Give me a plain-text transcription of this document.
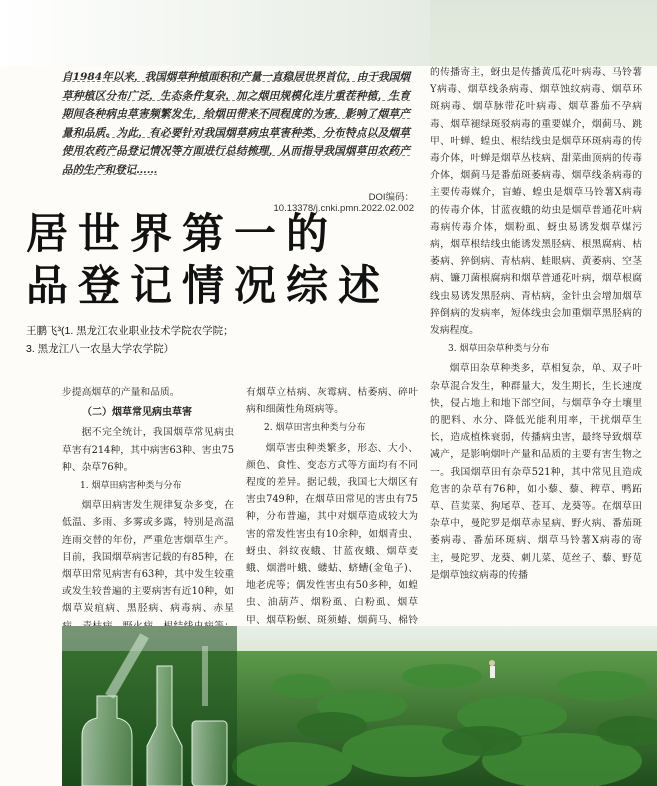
自1984年以来，我国烟草种植面积和产量一直稳居世界首位，由于我国烟草种植区分布广泛，生态条件复杂，加之烟田规模化连片重茬种植，生育期间各种病虫草害频繁发生，给烟田带来不同程度的为害，影响了烟草产量和品质。为此，有必要针对我国烟草病虫草害种类、分布特点以及烟草使用农药产品登记情况等方面进行总结梳理，从而指导我国烟草田农药产品的生产和登记……
DOI编码：10.13378/j.cnki.pmn.2022.02.002
居世界第一的
品登记情况综述
王鹏飞³(1. 黑龙江农业职业技术学院农学院；
3. 黑龙江八一农垦大学农学院）

的传播寄主，蚜虫是传播黄瓜花叶病毒、马铃薯Y病毒、烟草线条病毒、烟草蚀纹病毒、烟草环斑病毒、烟草脉带花叶病毒、烟草番茄不孕病毒、烟草褪绿斑驳病毒的重要媒介，烟蓟马、跳甲、叶蝉、蝗虫、根结线虫是烟草环斑病毒的传毒介体，叶蝉是烟草丛枝病、甜菜曲顶病的传毒介体，烟蓟马是番茄斑萎病毒、烟草线条病毒的主要传毒媒介，盲蝽、蝗虫是烟草马铃薯X病毒的传毒介体，甘蓝夜蛾的幼虫是烟草普通花叶病毒病传毒介体，烟粉虱、蚜虫易诱发烟草煤污病，烟草根结线虫能诱发黑胫病、根黑腐病、枯萎病、猝倒病、青枯病、蛙眼病、黄萎病、空茎病、镰刀菌根腐病和烟草普通花叶病，烟草根腐线虫易诱发黑胫病、青枯病，金针虫会增加烟草猝倒病的发病率，短体线虫会加重烟草黑胫病的发病程度。

3. 烟草田杂草种类与分布

烟草田杂草种类多，草相复杂，单、双子叶杂草混合发生，种群量大，发生期长，生长速度快，侵占地上和地下部空间，与烟草争夺土壤里的肥料、水分、降低光能利用率，干扰烟草生长，造成植株衰弱，传播病虫害，最终导致烟草减产，是影响烟叶产量和品质的主要有害生物之一。我国烟草田有杂草521种，其中常见且造成危害的杂草有76种，如小藜、藜、稗草、鸭跖草、苣荬菜、狗尾草、苍耳、龙葵等。在烟草田杂草中，曼陀罗是烟草赤星病、野火病、番茄斑萎病毒、番茄环斑病、烟草马铃薯X病毒的寄主，曼陀罗、龙葵、刺儿菜、苋丝子、藜、野苋是烟草蚀纹病毒的传播

步提高烟草的产量和品质。

（二）烟草常见病虫草害

据不完全统计，我国烟草常见病虫草害有214种，其中病害63种、害虫75种、杂草76种。

1. 烟草田病害种类与分布

烟草田病害发生规律复杂多变，在低温、多雨、多雾或多露，特别是高温连雨交替的年份，严重危害烟草生产。目前，我国烟草病害记载的有85种，在烟草田常见病害有63种，其中发生较重或发生较普遍的主要病害有近10种，如烟草炭疽病、黑胫病、病毒病、赤星

有烟草立枯病、灰霉病、枯萎病、碎叶病和细菌性角斑病等。

2. 烟草田害虫种类与分布

烟草害虫种类繁多，形态、大小、颜色、食性、变态方式等方面均有不同程度的差异。据记载，我国七大烟区有害虫749种，在烟草田常见的害虫有75种，分布普遍，其中对烟草造成较大为害的常发性害虫有10余种，如烟青虫、蚜虫、斜纹夜蛾、甘蓝夜蛾、烟草麦蛾、烟潜叶蛾、蝼蛄、蛴螬(金龟子)、地老虎等；偶发性害虫有50多种，如蝗虫、油葫芦、烟粉虱、白粉虱、烟草甲、烟草粉螟、斑须蝽、烟蓟马、棉铃
